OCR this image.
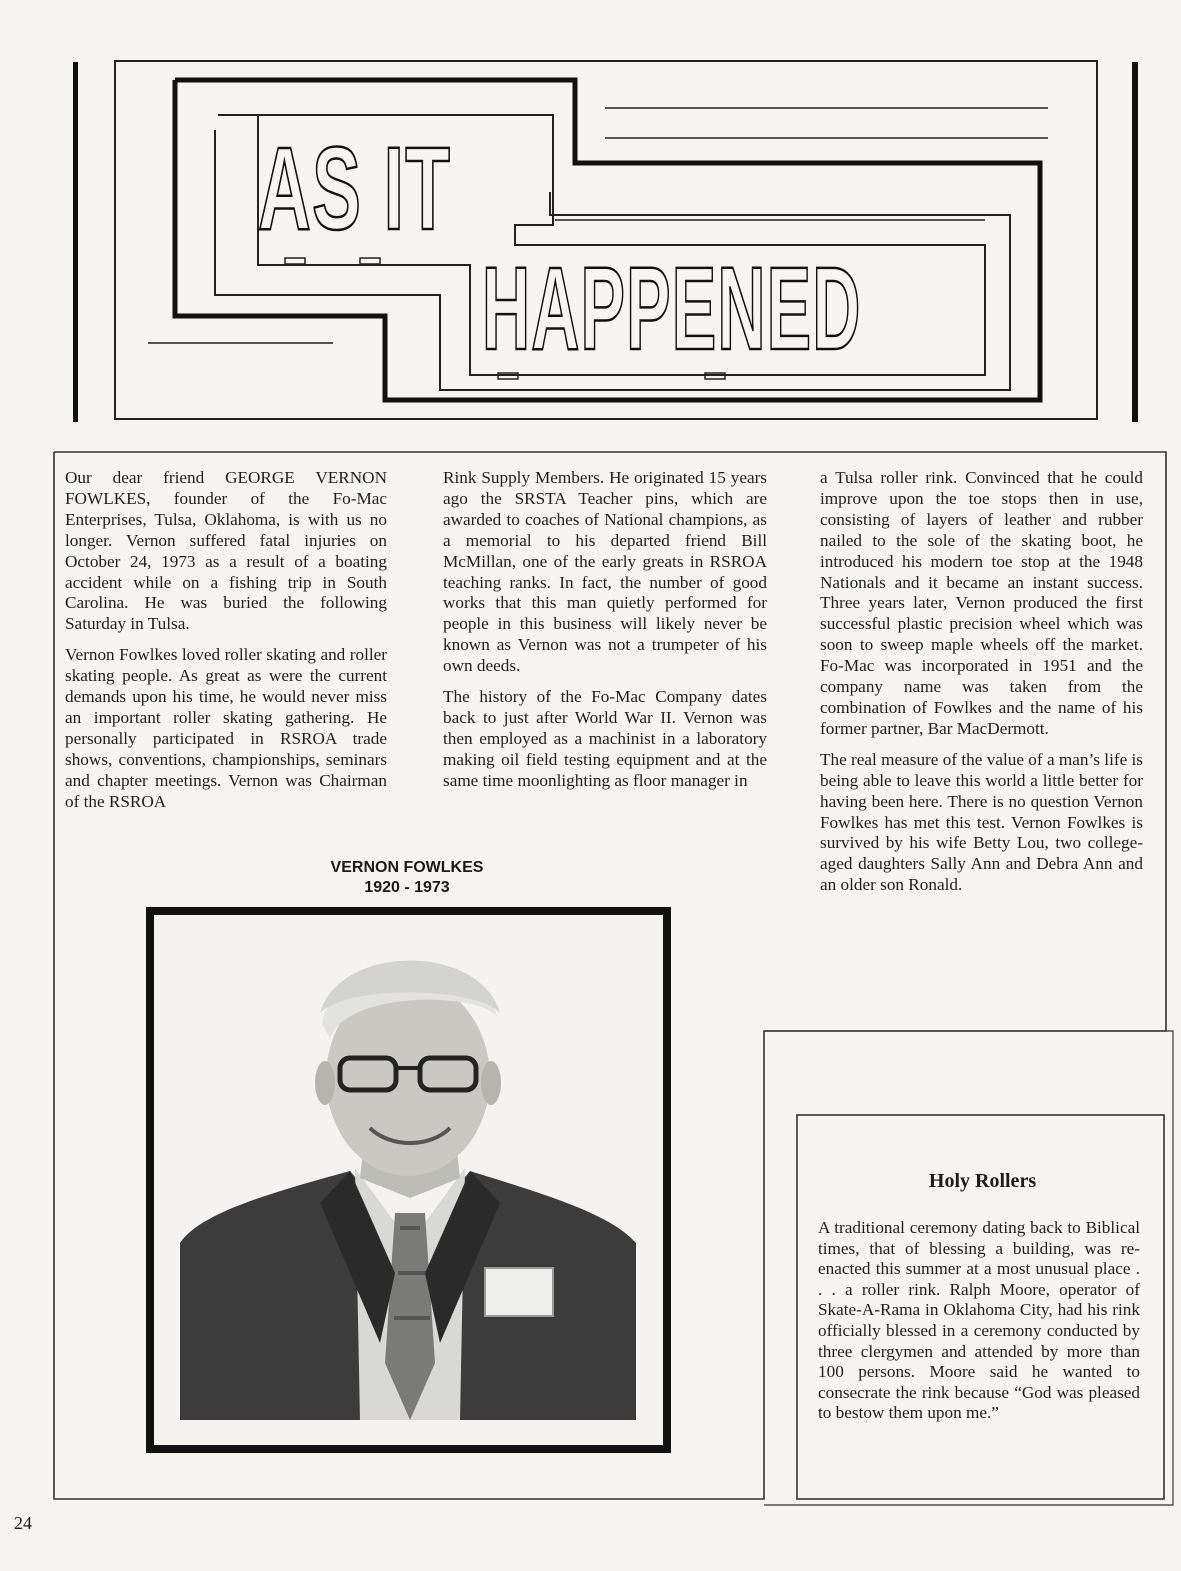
AS IT
HAPPENED

Our dear friend GEORGE VERNON FOWLKES, founder of the Fo-Mac Enterprises, Tulsa, Oklahoma, is with us no longer. Vernon suffered fatal injuries on October 24, 1973 as a result of a boating accident while on a fishing trip in South Carolina. He was buried the following Saturday in Tulsa.

Vernon Fowlkes loved roller skating and roller skating people. As great as were the current demands upon his time, he would never miss an important roller skating gathering. He personally participated in RSROA trade shows, conventions, championships, seminars and chapter meetings. Vernon was Chairman of the RSROA

Rink Supply Members. He originated 15 years ago the SRSTA Teacher pins, which are awarded to coaches of National champions, as a memorial to his departed friend Bill McMillan, one of the early greats in RSROA teaching ranks. In fact, the number of good works that this man quietly performed for people in this business will likely never be known as Vernon was not a trumpeter of his own deeds.

The history of the Fo-Mac Company dates back to just after World War II. Vernon was then employed as a machinist in a laboratory making oil field testing equipment and at the same time moonlighting as floor manager in

a Tulsa roller rink. Convinced that he could improve upon the toe stops then in use, consisting of layers of leather and rubber nailed to the sole of the skating boot, he introduced his modern toe stop at the 1948 Nationals and it became an instant success. Three years later, Vernon produced the first successful plastic precision wheel which was soon to sweep maple wheels off the market. Fo-Mac was incorporated in 1951 and the company name was taken from the combination of Fowlkes and the name of his former partner, Bar MacDermott.

The real measure of the value of a man’s life is being able to leave this world a little better for having been here. There is no question Vernon Fowlkes has met this test. Vernon Fowlkes is survived by his wife Betty Lou, two college-aged daughters Sally Ann and Debra Ann and an older son Ronald.

VERNON FOWLKES
1920 - 1973
Holy Rollers

A traditional ceremony dating back to Biblical times, that of blessing a building, was re-enacted this summer at a most unusual place . . . a roller rink. Ralph Moore, operator of Skate-A-Rama in Oklahoma City, had his rink officially blessed in a ceremony conducted by three clergymen and attended by more than 100 persons. Moore said he wanted to consecrate the rink because “God was pleased to bestow them upon me.”

24
